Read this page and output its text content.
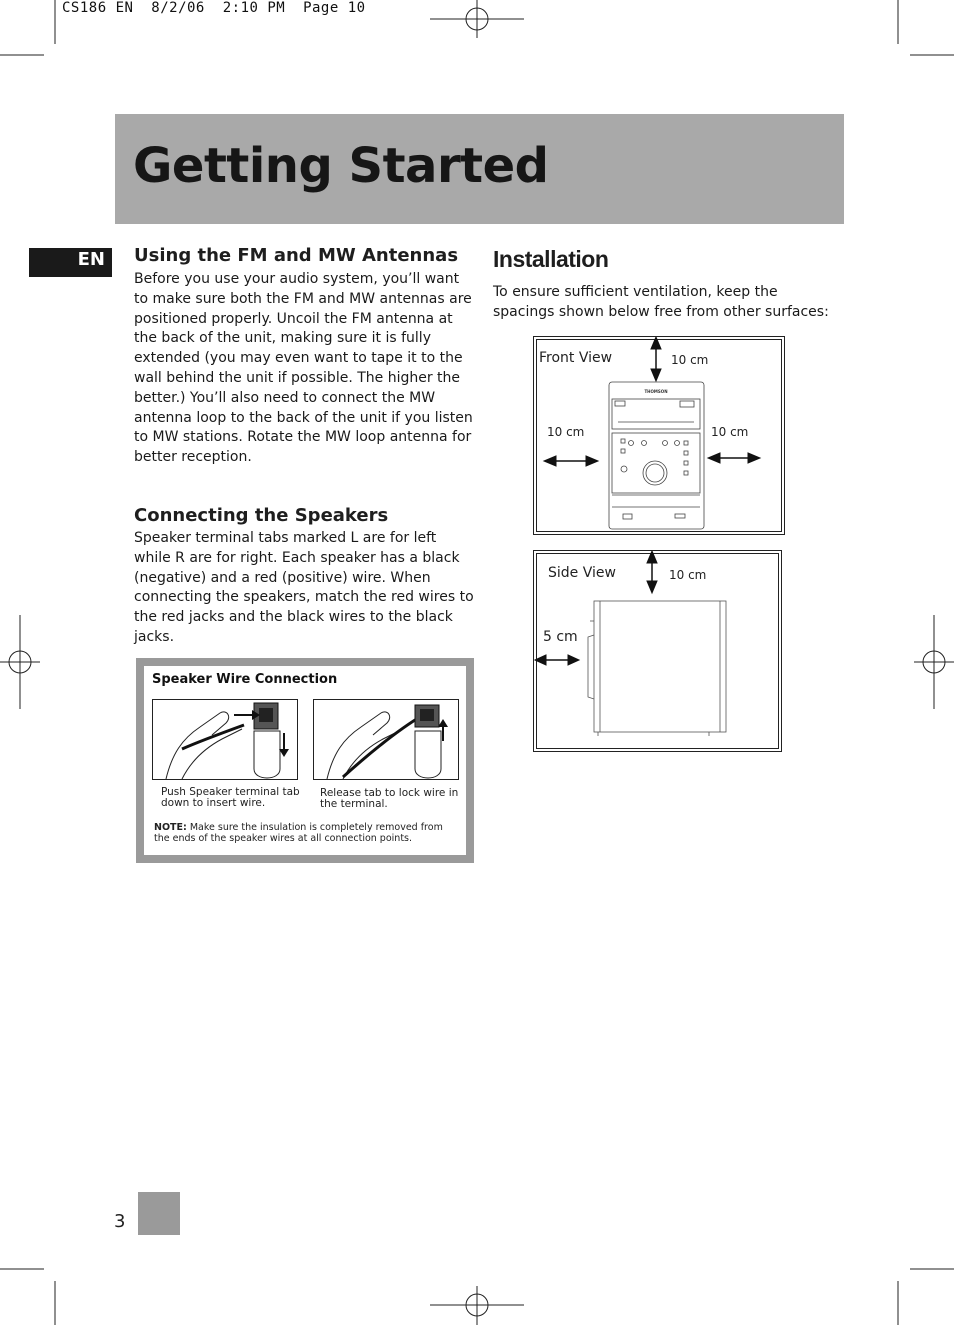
CS186 EN  8/2/06  2:10 PM  Page 10
Getting Started
EN Using the FM and MW Antennas

Before you use your audio system, you’ll want to make sure both the FM and MW antennas are positioned properly. Uncoil the FM antenna at the back of the unit, making sure it is fully extended (you may even want to tape it to the wall behind the unit if possible. The higher the better.) You’ll also need to connect the MW antenna loop to the back of the unit if you listen to MW stations. Rotate the MW loop antenna for better reception.

Connecting the Speakers

Speaker terminal tabs marked L are for left while R are for right. Each speaker has a black (negative) and a red (positive) wire. When connecting the speakers, match the red wires to the red jacks and the black wires to the black jacks.

Speaker Wire Connection
Push Speaker terminal tab down to insert wire.
Release tab to lock wire in the terminal.
NOTE: Make sure the insulation is completely removed from the ends of the speaker wires at all connection points.
Installation

To ensure sufficient ventilation, keep the spacings shown below free from other surfaces:

Front View	10 cm
10 cm	10 cm
THOMSON
Side View	10 cm
5 cm
3
